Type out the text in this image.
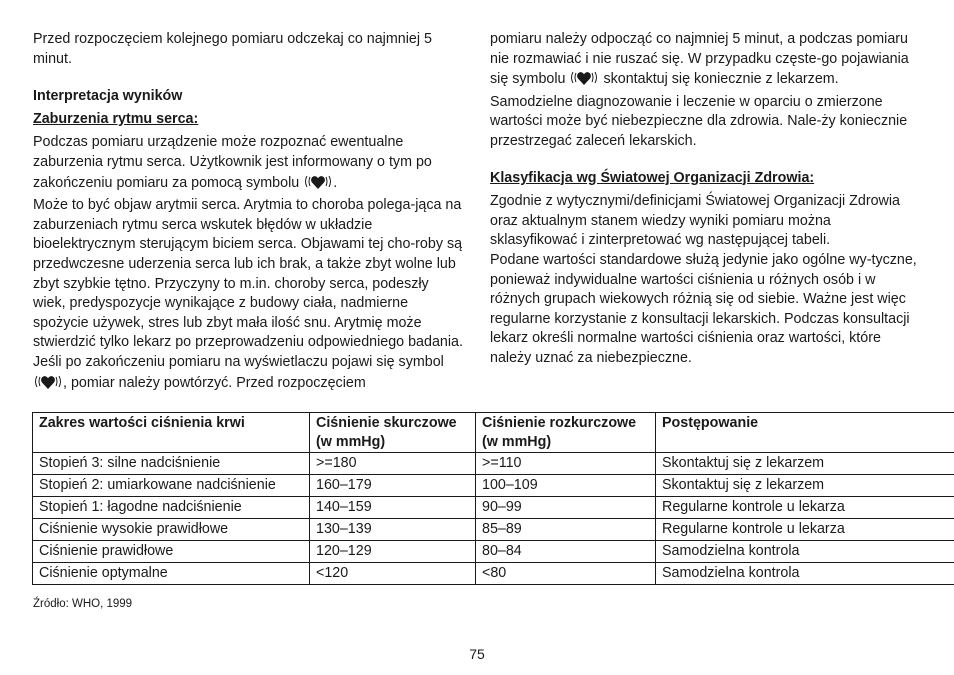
Przed rozpoczęciem kolejnego pomiaru odczekaj co najmniej 5 minut.

Interpretacja wyników

Zaburzenia rytmu serca:

Podczas pomiaru urządzenie może rozpoznać ewentualne zaburzenia rytmu serca. Użytkownik jest informowany o tym po zakończeniu pomiaru za pomocą symbolu .

Może to być objaw arytmii serca. Arytmia to choroba polega-jąca na zaburzeniach rytmu serca wskutek błędów w układzie bioelektrycznym sterującym biciem serca. Objawami tej cho-roby są przedwczesne uderzenia serca lub ich brak, a także zbyt wolne lub zbyt szybkie tętno. Przyczyny to m.in. choroby serca, podeszły wiek, predyspozycje wynikające z budowy ciała, nadmierne spożycie używek, stres lub zbyt mała ilość snu. Arytmię może stwierdzić tylko lekarz po przeprowadzeniu odpowiedniego badania.

Jeśli po zakończeniu pomiaru na wyświetlaczu pojawi się symbol , pomiar należy powtórzyć. Przed rozpoczęciem

pomiaru należy odpocząć co najmniej 5 minut, a podczas pomiaru nie rozmawiać i nie ruszać się. W przypadku częste-go pojawiania się symbolu  skontaktuj się koniecznie z lekarzem. Samodzielne diagnozowanie i leczenie w oparciu o zmierzone wartości może być niebezpieczne dla zdrowia. Nale-ży koniecznie przestrzegać zaleceń lekarskich.

Klasyfikacja wg Światowej Organizacji Zdrowia:

Zgodnie z wytycznymi/definicjami Światowej Organizacji Zdrowia oraz aktualnym stanem wiedzy wyniki pomiaru można sklasyfikować i zinterpretować wg następującej tabeli.

Podane wartości standardowe służą jedynie jako ogólne wy-tyczne, ponieważ indywidualne wartości ciśnienia u różnych osób i w różnych grupach wiekowych różnią się od siebie. Ważne jest więc regularne korzystanie z konsultacji lekarskich. Podczas konsultacji lekarz określi normalne wartości ciśnienia oraz wartości, które należy uznać za niebezpieczne.

Zakres wartości ciśnienia krwi	Ciśnienie skurczowe (w mmHg)	Ciśnienie rozkurczowe (w mmHg)	Postępowanie
Stopień 3: silne nadciśnienie	>=180	>=110	Skontaktuj się z lekarzem
Stopień 2: umiarkowane nadciśnienie	160–179	100–109	Skontaktuj się z lekarzem
Stopień 1: łagodne nadciśnienie	140–159	90–99	Regularne kontrole u lekarza
Ciśnienie wysokie prawidłowe	130–139	85–89	Regularne kontrole u lekarza
Ciśnienie prawidłowe	120–129	80–84	Samodzielna kontrola
Ciśnienie optymalne	<120	<80	Samodzielna kontrola
Źródło: WHO, 1999
75
